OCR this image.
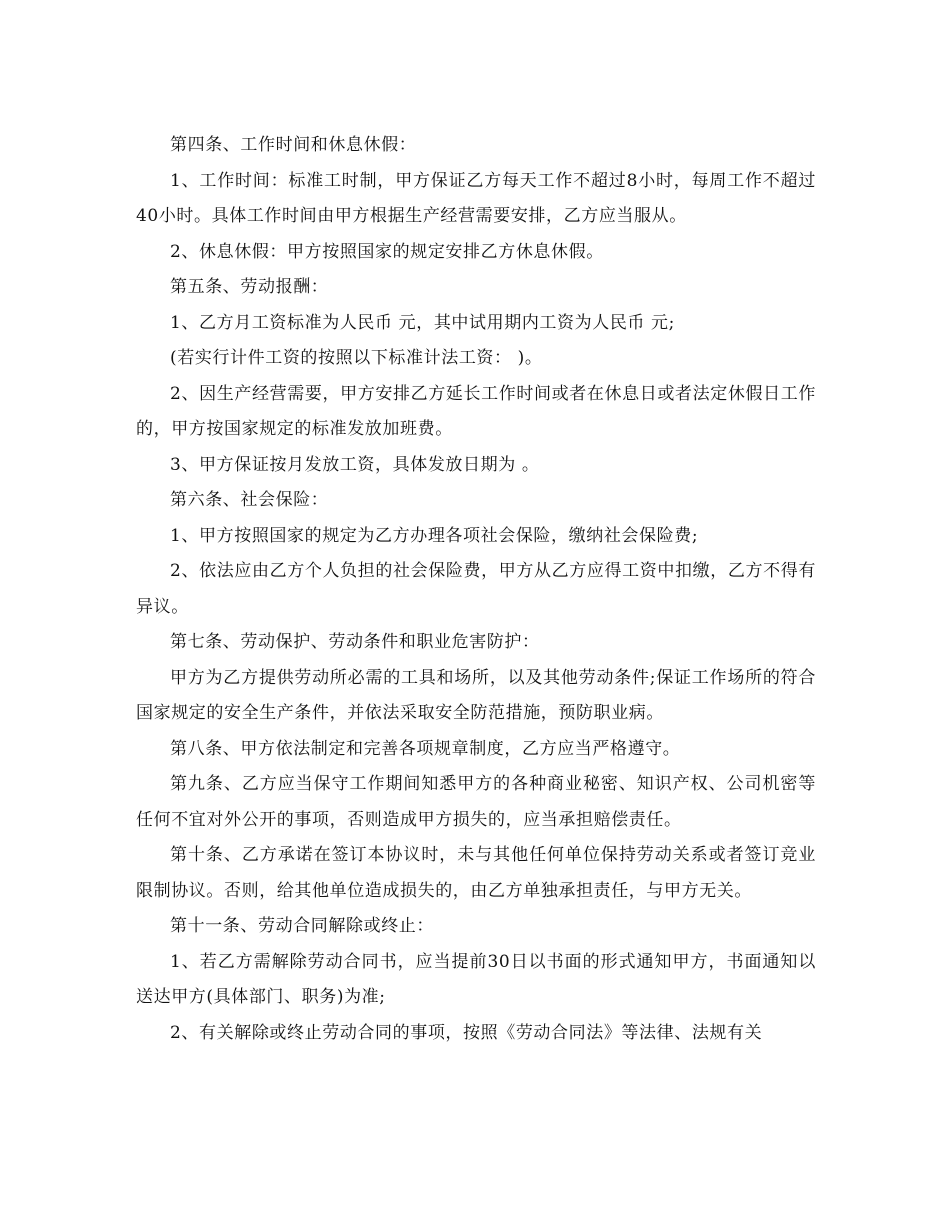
第四条、工作时间和休息休假：

1、工作时间：标准工时制，甲方保证乙方每天工作不超过8小时，每周工作不超过40小时。具体工作时间由甲方根据生产经营需要安排，乙方应当服从。

2、休息休假：甲方按照国家的规定安排乙方休息休假。

第五条、劳动报酬：

1、乙方月工资标准为人民币 元，其中试用期内工资为人民币 元;

(若实行计件工资的按照以下标准计法工资： )。

2、因生产经营需要，甲方安排乙方延长工作时间或者在休息日或者法定休假日工作的，甲方按国家规定的标准发放加班费。

3、甲方保证按月发放工资，具体发放日期为 。

第六条、社会保险：

1、甲方按照国家的规定为乙方办理各项社会保险，缴纳社会保险费;

2、依法应由乙方个人负担的社会保险费，甲方从乙方应得工资中扣缴，乙方不得有异议。

第七条、劳动保护、劳动条件和职业危害防护：

甲方为乙方提供劳动所必需的工具和场所，以及其他劳动条件;保证工作场所的符合国家规定的安全生产条件，并依法采取安全防范措施，预防职业病。

第八条、甲方依法制定和完善各项规章制度，乙方应当严格遵守。

第九条、乙方应当保守工作期间知悉甲方的各种商业秘密、知识产权、公司机密等任何不宜对外公开的事项，否则造成甲方损失的，应当承担赔偿责任。

第十条、乙方承诺在签订本协议时，未与其他任何单位保持劳动关系或者签订竞业限制协议。否则，给其他单位造成损失的，由乙方单独承担责任，与甲方无关。

第十一条、劳动合同解除或终止：

1、若乙方需解除劳动合同书，应当提前30日以书面的形式通知甲方，书面通知以送达甲方(具体部门、职务)为准;

2、有关解除或终止劳动合同的事项，按照《劳动合同法》等法律、法规有关
